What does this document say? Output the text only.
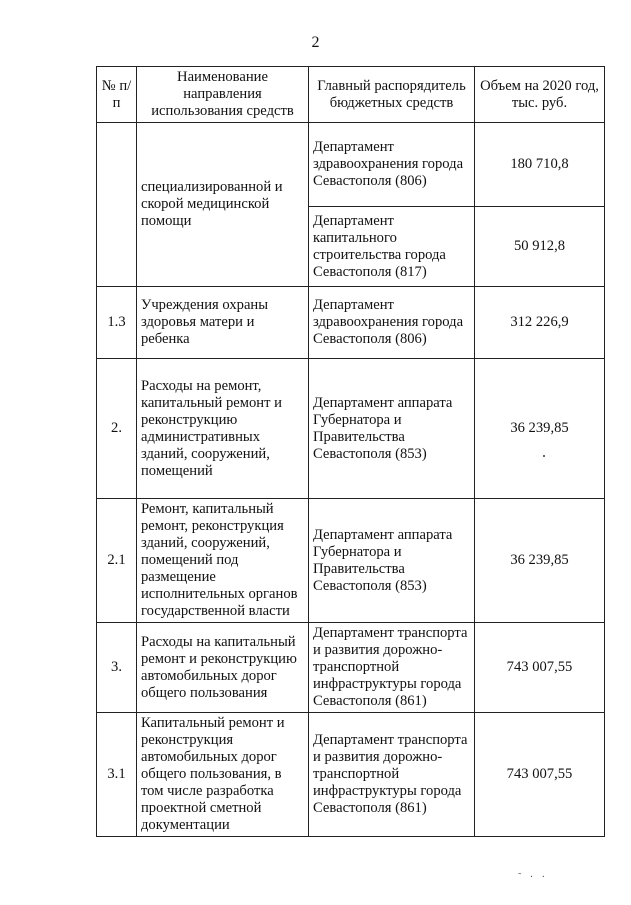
2
№ п/п	Наименование направления использования средств	Главный распорядитель бюджетных средств	Объем на 2020 год, тыс. руб.
	специализированной и скорой медицинской помощи	Департамент здравоохранения города Севастополя (806)	180 710,8
		Департамент капитального строительства города Севастополя (817)	50 912,8
1.3	Учреждения охраны здоровья матери и ребенка	Департамент здравоохранения города Севастополя (806)	312 226,9
2.	Расходы на ремонт, капитальный ремонт и реконструкцию административных зданий, сооружений, помещений	Департамент аппарата Губернатора и Правительства Севастополя (853)	36 239,85
2.1	Ремонт, капитальный ремонт, реконструкция зданий, сооружений, помещений под размещение исполнительных органов государственной власти	Департамент аппарата Губернатора и Правительства Севастополя (853)	36 239,85
3.	Расходы на капитальный ремонт и реконструкцию автомобильных дорог общего пользования	Департамент транспорта и развития дорожно-транспортной инфраструктуры города Севастополя (861)	743 007,55
3.1	Капитальный ремонт и реконструкция автомобильных дорог общего пользования, в том числе разработка проектной сметной документации	Департамент транспорта и развития дорожно-транспортной инфраструктуры города Севастополя (861)	743 007,55
˜ · ·
